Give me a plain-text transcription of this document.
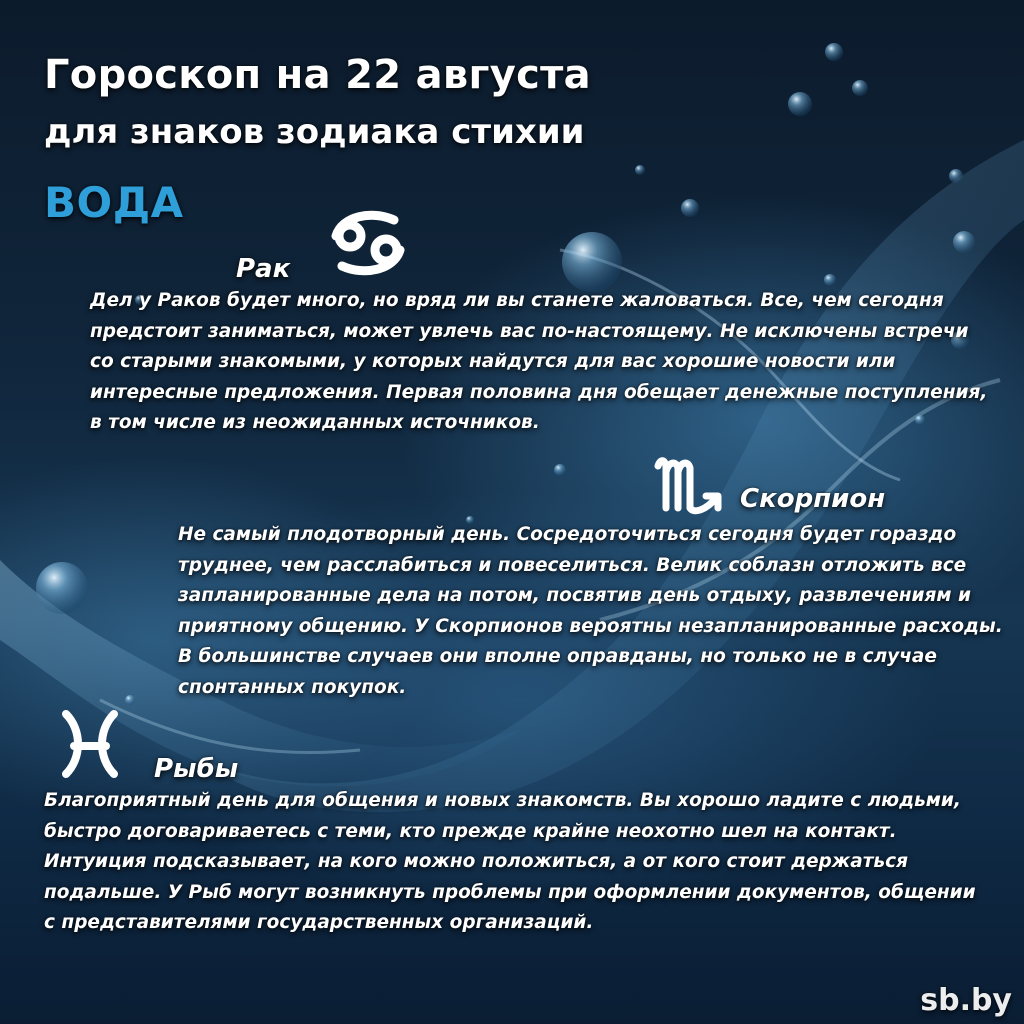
Гороскоп на 22 августа
для знаков зодиака стихии
ВОДА
Рак

Дел у Раков будет много, но вряд ли вы станете жаловаться. Все, чем сегодня предстоит заниматься, может увлечь вас по-настоящему. Не исключены встречи со старыми знакомыми, у которых найдутся для вас хорошие новости или интересные предложения. Первая половина дня обещает денежные поступления, в том числе из неожиданных источников.

Скорпион

Не самый плодотворный день. Сосредоточиться сегодня будет гораздо труднее, чем расслабиться и повеселиться. Велик соблазн отложить все запланированные дела на потом, посвятив день отдыху, развлечениям и приятному общению. У Скорпионов вероятны незапланированные расходы. В большинстве случаев они вполне оправданы, но только не в случае спонтанных покупок.

Рыбы

Благоприятный день для общения и новых знакомств. Вы хорошо ладите с людьми, быстро договариваетесь с теми, кто прежде крайне неохотно шел на контакт. Интуиция подсказывает, на кого можно положиться, а от кого стоит держаться подальше. У Рыб могут возникнуть проблемы при оформлении документов, общении с представителями государственных организаций.

sb.by
